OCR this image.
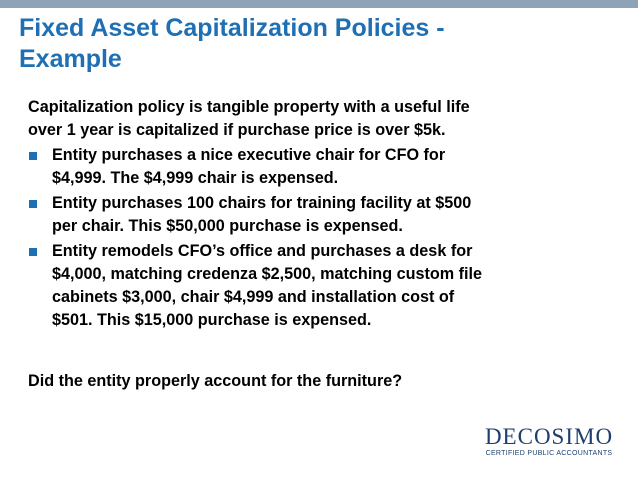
Fixed Asset Capitalization Policies -
Example

Capitalization policy is tangible property with a useful life
over 1 year is capitalized if purchase price is over $5k.

Entity purchases a nice executive chair for CFO for
$4,999. The $4,999 chair is expensed.
Entity purchases 100 chairs for training facility at $500
per chair. This $50,000 purchase is expensed.
Entity remodels CFO’s office and purchases a desk for
$4,000, matching credenza $2,500, matching custom file
cabinets $3,000, chair $4,999 and installation cost of
$501. This $15,000 purchase is expensed.

Did the entity properly account for the furniture?

DECOSIMO
CERTIFIED PUBLIC ACCOUNTANTS
